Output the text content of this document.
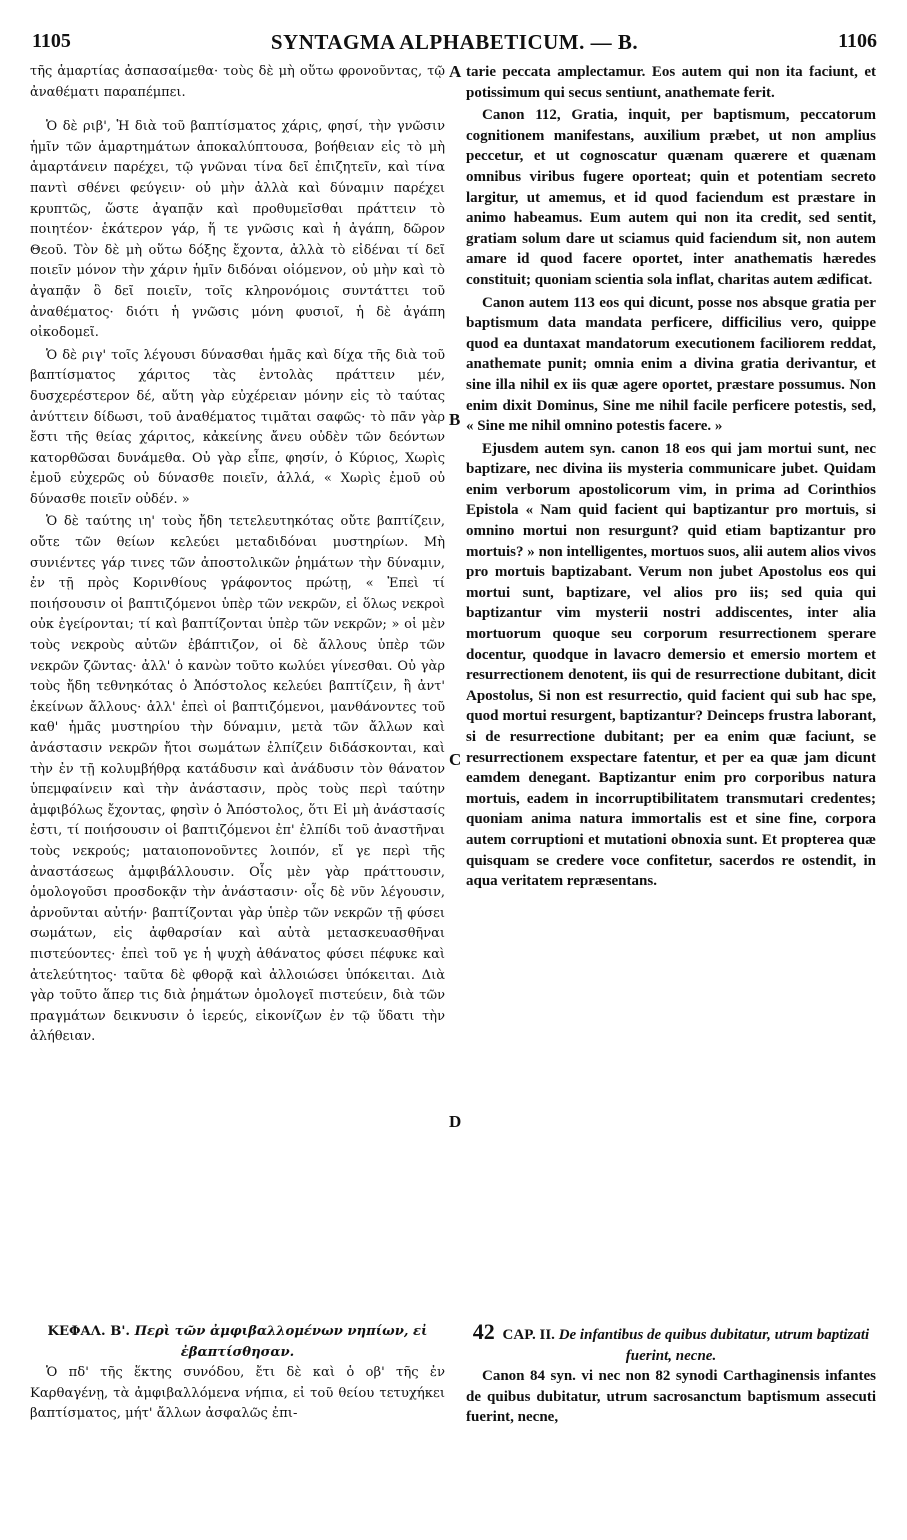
1105	SYNTAGMA ALPHABETICUM. — B.	1106

τῆς ἁμαρτίας ἀσπασαίμεθα· τοὺς δὲ μὴ οὕτω φρονοῦντας, τῷ ἀναθέματι παραπέμπει.

Ὁ δὲ ριβ', Ἡ διὰ τοῦ βαπτίσματος χάρις, φησί, τὴν γνῶσιν ἡμῖν τῶν ἁμαρτημάτων ἀποκαλύπτουσα, βοήθειαν εἰς τὸ μὴ ἁμαρτάνειν παρέχει, τῷ γνῶναι τίνα δεῖ ἐπιζητεῖν, καὶ τίνα παντὶ σθένει φεύγειν· οὐ μὴν ἀλλὰ καὶ δύναμιν παρέχει κρυπτῶς, ὥστε ἀγαπᾷν καὶ προθυμεῖσθαι πράττειν τὸ ποιητέον· ἑκάτερον γάρ, ἥ τε γνῶσις καὶ ἡ ἀγάπη, δῶρον Θεοῦ. Τὸν δὲ μὴ οὕτω δόξης ἔχοντα, ἀλλὰ τὸ εἰδέναι τί δεῖ ποιεῖν μόνον τὴν χάριν ἡμῖν διδόναι οἰόμενον, οὐ μὴν καὶ τὸ ἀγαπᾷν ὃ δεῖ ποιεῖν, τοῖς κληρονόμοις συντάττει τοῦ ἀναθέματος· διότι ἡ γνῶσις μόνη φυσιοῖ, ἡ δὲ ἀγάπη οἰκοδομεῖ.

Ὁ δὲ ριγ' τοῖς λέγουσι δύνασθαι ἡμᾶς καὶ δίχα τῆς διὰ τοῦ βαπτίσματος χάριτος τὰς ἐντολὰς πράττειν μέν, δυσχερέστερον δέ, αὕτη γὰρ εὐχέρειαν μόνην εἰς τὸ ταύτας ἀνύττειν δίδωσι, τοῦ ἀναθέματος τιμᾶται σαφῶς· τὸ πᾶν γὰρ ἔστι τῆς θείας χάριτος, κἀκείνης ἄνευ οὐδὲν τῶν δεόντων κατορθῶσαι δυνάμεθα. Οὐ γὰρ εἶπε, φησίν, ὁ Κύριος, Χωρὶς ἐμοῦ εὐχερῶς οὐ δύνασθε ποιεῖν, ἀλλά, « Χωρὶς ἐμοῦ οὐ δύνασθε ποιεῖν οὐδέν. »

Ὁ δὲ ταύτης ιη' τοὺς ἤδη τετελευτηκότας οὔτε βαπτίζειν, οὔτε τῶν θείων κελεύει μεταδιδόναι μυστηρίων. Μὴ συνιέντες γάρ τινες τῶν ἀποστολικῶν ῥημάτων τὴν δύναμιν, ἐν τῇ πρὸς Κορινθίους γράφοντος πρώτῃ, « Ἐπεὶ τί ποιήσουσιν οἱ βαπτιζόμενοι ὑπὲρ τῶν νεκρῶν, εἰ ὅλως νεκροὶ οὐκ ἐγείρονται; τί καὶ βαπτίζονται ὑπὲρ τῶν νεκρῶν; » οἱ μὲν τοὺς νεκροὺς αὐτῶν ἐβάπτιζον, οἱ δὲ ἄλλους ὑπὲρ τῶν νεκρῶν ζῶντας· ἀλλ' ὁ κανὼν τοῦτο κωλύει γίνεσθαι. Οὐ γὰρ τοὺς ἤδη τεθνηκότας ὁ Ἀπόστολος κελεύει βαπτίζειν, ἢ ἀντ' ἐκείνων ἄλλους· ἀλλ' ἐπεὶ οἱ βαπτιζόμενοι, μανθάνοντες τοῦ καθ' ἡμᾶς μυστηρίου τὴν δύναμιν, μετὰ τῶν ἄλλων καὶ ἀνάστασιν νεκρῶν ἤτοι σωμάτων ἐλπίζειν διδάσκονται, καὶ τὴν ἐν τῇ κολυμβήθρᾳ κατάδυσιν καὶ ἀνάδυσιν τὸν θάνατον ὑπεμφαίνειν καὶ τὴν ἀνάστασιν, πρὸς τοὺς περὶ ταύτην ἀμφιβόλως ἔχοντας, φησὶν ὁ Ἀπόστολος, ὅτι Εἰ μὴ ἀνάστασίς ἐστι, τί ποιήσουσιν οἱ βαπτιζόμενοι ἐπ' ἐλπίδι τοῦ ἀναστῆναι τοὺς νεκρούς; ματαιοπονοῦντες λοιπόν, εἴ γε περὶ τῆς ἀναστάσεως ἀμφιβάλλουσιν. Οἷς μὲν γὰρ πράττουσιν, ὁμολογοῦσι προσδοκᾷν τὴν ἀνάστασιν· οἷς δὲ νῦν λέγουσιν, ἀρνοῦνται αὐτήν· βαπτίζονται γὰρ ὑπὲρ τῶν νεκρῶν τῇ φύσει σωμάτων, εἰς ἀφθαρσίαν καὶ αὐτὰ μετασκευασθῆναι πιστεύοντες· ἐπεὶ τοῦ γε ἡ ψυχὴ ἀθάνατος φύσει πέφυκε καὶ ἀτελεύτητος· ταῦτα δὲ φθορᾷ καὶ ἀλλοιώσει ὑπόκειται. Διὰ γὰρ τοῦτο ἅπερ τις διὰ ῥημάτων ὁμολογεῖ πιστεύειν, διὰ τῶν πραγμάτων δεικνυσιν ὁ ἱερεύς, εἰκονίζων ἐν τῷ ὕδατι τὴν ἀλήθειαν.

A
B
C
D

tarie peccata amplectamur. Eos autem qui non ita faciunt, et potissimum qui secus sentiunt, anathemate ferit.

Canon 112, Gratia, inquit, per baptismum, peccatorum cognitionem manifestans, auxilium præbet, ut non amplius peccetur, et ut cognoscatur quænam quærere et quænam omnibus viribus fugere oporteat; quin et potentiam secreto largitur, ut amemus, et id quod faciendum est præstare in animo habeamus. Eum autem qui non ita credit, sed sentit, gratiam solum dare ut sciamus quid faciendum sit, non autem amare id quod facere oportet, inter anathematis hæredes constituit; quoniam scientia sola inflat, charitas autem ædificat.

Canon autem 113 eos qui dicunt, posse nos absque gratia per baptismum data mandata perficere, difficilius vero, quippe quod ea duntaxat mandatorum executionem faciliorem reddat, anathemate punit; omnia enim a divina gratia derivantur, et sine illa nihil ex iis quæ agere oportet, præstare possumus. Non enim dixit Dominus, Sine me nihil facile perficere potestis, sed, « Sine me nihil omnino potestis facere. »

Ejusdem autem syn. canon 18 eos qui jam mortui sunt, nec baptizare, nec divina iis mysteria communicare jubet. Quidam enim verborum apostolicorum vim, in prima ad Corinthios Epistola « Nam quid facient qui baptizantur pro mortuis, si omnino mortui non resurgunt? quid etiam baptizantur pro mortuis? » non intelligentes, mortuos suos, alii autem alios vivos pro mortuis baptizabant. Verum non jubet Apostolus eos qui mortui sunt, baptizare, vel alios pro iis; sed quia qui baptizantur vim mysterii nostri addiscentes, inter alia mortuorum quoque seu corporum resurrectionem sperare docentur, quodque in lavacro demersio et emersio mortem et resurrectionem denotent, iis qui de resurrectione dubitant, dicit Apostolus, Si non est resurrectio, quid facient qui sub hac spe, quod mortui resurgent, baptizantur? Deinceps frustra laborant, si de resurrectione dubitant; per ea enim quæ faciunt, se resurrectionem exspectare fatentur, et per ea quæ jam dicunt eamdem denegant. Baptizantur enim pro corporibus natura mortuis, eadem in incorruptibilitatem transmutari credentes; quoniam anima natura immortalis est et sine fine, corpora autem corruptioni et mutationi obnoxia sunt. Et propterea quæ quisquam se credere voce confitetur, sacerdos re ostendit, in aqua veritatem repræsentans.

ΚΕΦΑΛ. Β'. Περὶ τῶν ἀμφιβαλλομένων νηπίων, εἰ ἐβαπτίσθησαν.
Ὁ πδ' τῆς ἕκτης συνόδου, ἔτι δὲ καὶ ὁ οβ' τῆς ἐν Καρθαγένῃ, τὰ ἀμφιβαλλόμενα νήπια, εἰ τοῦ θείου τετυχήκει βαπτίσματος, μήτ' ἄλλων ἀσφαλῶς ἐπι-
42 CAP. II. De infantibus de quibus dubitatur, utrum baptizati fuerint, necne.
Canon 84 syn. vi nec non 82 synodi Carthaginensis infantes de quibus dubitatur, utrum sacrosanctum baptismum assecuti fuerint, necne,
